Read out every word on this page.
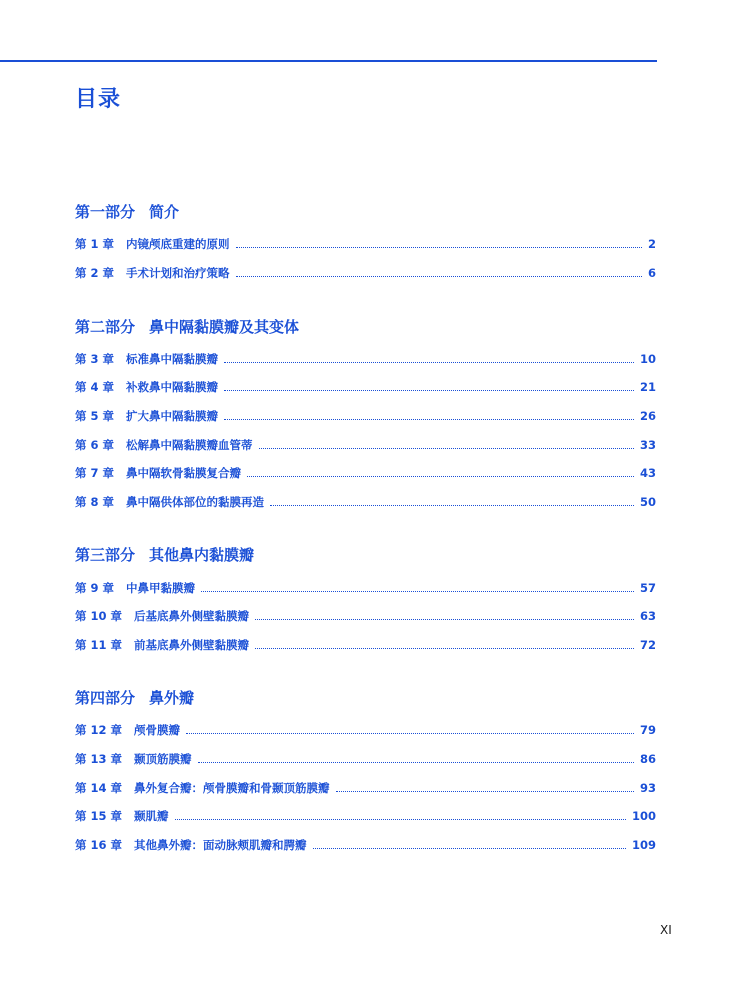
目录
第一部分 简介
第 1 章 内镜颅底重建的原则	2
第 2 章 手术计划和治疗策略	6
第二部分 鼻中隔黏膜瓣及其变体
第 3 章 标准鼻中隔黏膜瓣	10
第 4 章 补救鼻中隔黏膜瓣	21
第 5 章 扩大鼻中隔黏膜瓣	26
第 6 章 松解鼻中隔黏膜瓣血管蒂	33
第 7 章 鼻中隔软骨黏膜复合瓣	43
第 8 章 鼻中隔供体部位的黏膜再造	50
第三部分 其他鼻内黏膜瓣
第 9 章 中鼻甲黏膜瓣	57
第 10 章 后基底鼻外侧壁黏膜瓣	63
第 11 章 前基底鼻外侧壁黏膜瓣	72
第四部分 鼻外瓣
第 12 章 颅骨膜瓣	79
第 13 章 颞顶筋膜瓣	86
第 14 章 鼻外复合瓣：颅骨膜瓣和骨颞顶筋膜瓣	93
第 15 章 颞肌瓣	100
第 16 章 其他鼻外瓣：面动脉颊肌瓣和腭瓣	109
XI
